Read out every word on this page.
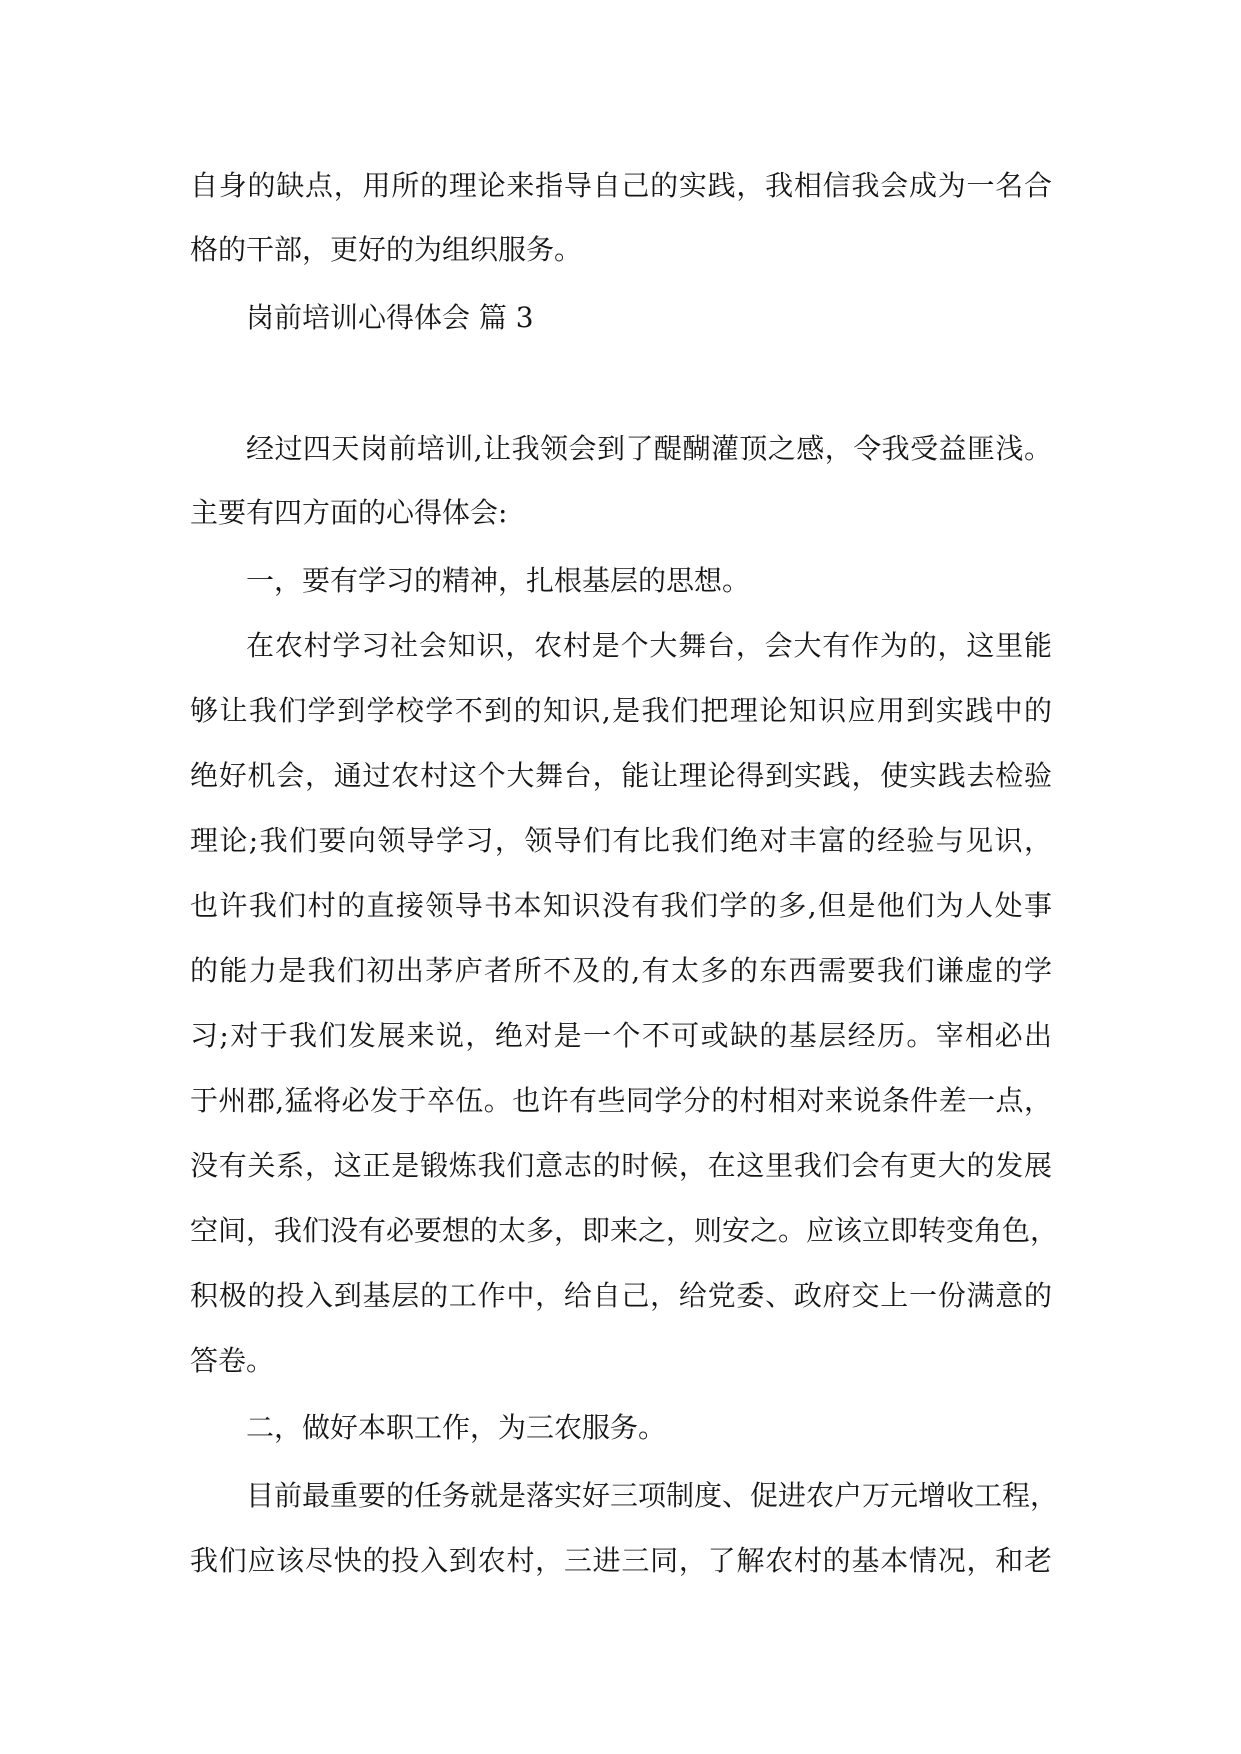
自身的缺点，用所的理论来指导自己的实践，我相信我会成为一名合
格的干部，更好的为组织服务。
岗前培训心得体会 篇 3
经过四天岗前培训,让我领会到了醍醐灌顶之感，令我受益匪浅。
主要有四方面的心得体会:
一，要有学习的精神，扎根基层的思想。
在农村学习社会知识，农村是个大舞台，会大有作为的，这里能
够让我们学到学校学不到的知识,是我们把理论知识应用到实践中的
绝好机会，通过农村这个大舞台，能让理论得到实践，使实践去检验
理论;我们要向领导学习，领导们有比我们绝对丰富的经验与见识，
也许我们村的直接领导书本知识没有我们学的多,但是他们为人处事
的能力是我们初出茅庐者所不及的,有太多的东西需要我们谦虚的学
习;对于我们发展来说，绝对是一个不可或缺的基层经历。宰相必出
于州郡,猛将必发于卒伍。也许有些同学分的村相对来说条件差一点，
没有关系，这正是锻炼我们意志的时候，在这里我们会有更大的发展
空间，我们没有必要想的太多，即来之，则安之。应该立即转变角色，
积极的投入到基层的工作中，给自己，给党委、政府交上一份满意的
答卷。
二，做好本职工作，为三农服务。
目前最重要的任务就是落实好三项制度、促进农户万元增收工程，
我们应该尽快的投入到农村，三进三同，了解农村的基本情况，和老
